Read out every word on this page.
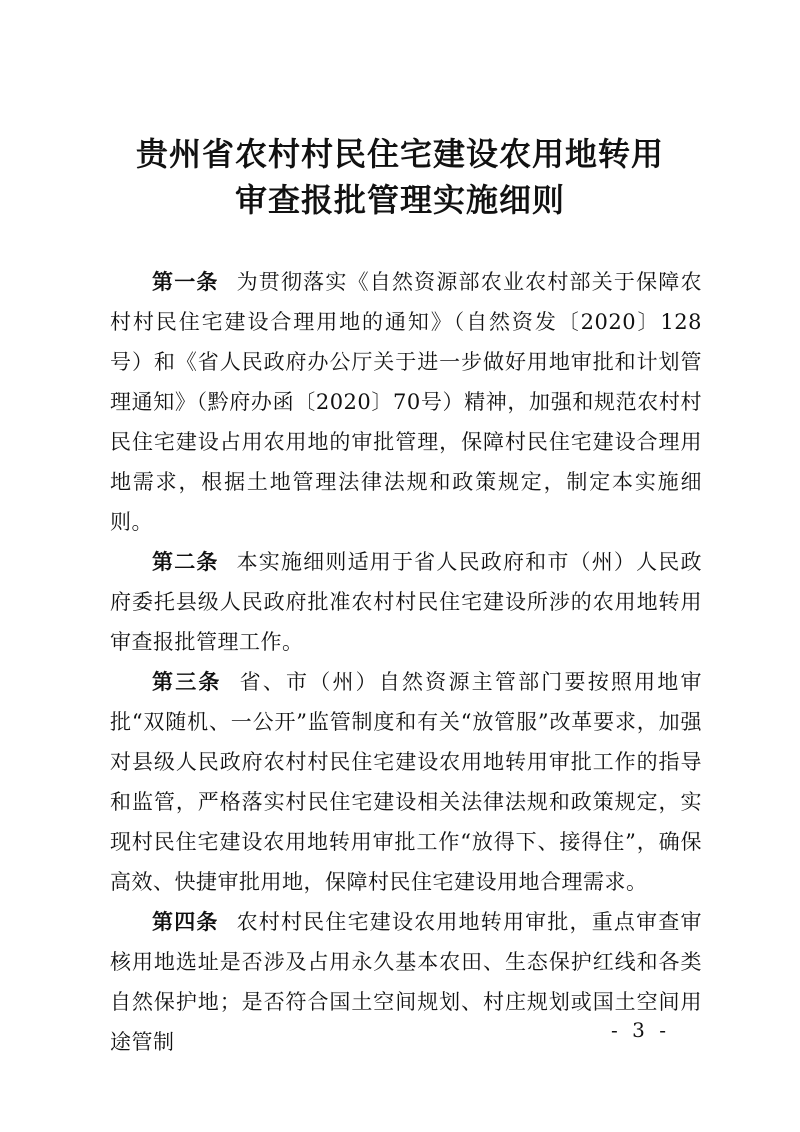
贵州省农村村民住宅建设农用地转用
审查报批管理实施细则

第一条 为贯彻落实《自然资源部农业农村部关于保障农村村民住宅建设合理用地的通知》（自然资发〔2020〕128号）和《省人民政府办公厅关于进一步做好用地审批和计划管理通知》（黔府办函〔2020〕70号）精神，加强和规范农村村民住宅建设占用农用地的审批管理，保障村民住宅建设合理用地需求，根据土地管理法律法规和政策规定，制定本实施细则。

第二条 本实施细则适用于省人民政府和市（州）人民政府委托县级人民政府批准农村村民住宅建设所涉的农用地转用审查报批管理工作。

第三条 省、市（州）自然资源主管部门要按照用地审批“双随机、一公开”监管制度和有关“放管服”改革要求，加强对县级人民政府农村村民住宅建设农用地转用审批工作的指导和监管，严格落实村民住宅建设相关法律法规和政策规定，实现村民住宅建设农用地转用审批工作“放得下、接得住”，确保高效、快捷审批用地，保障村民住宅建设用地合理需求。

第四条 农村村民住宅建设农用地转用审批，重点审查审核用地选址是否涉及占用永久基本农田、生态保护红线和各类自然保护地；是否符合国土空间规划、村庄规划或国土空间用途管制	- 3 -
